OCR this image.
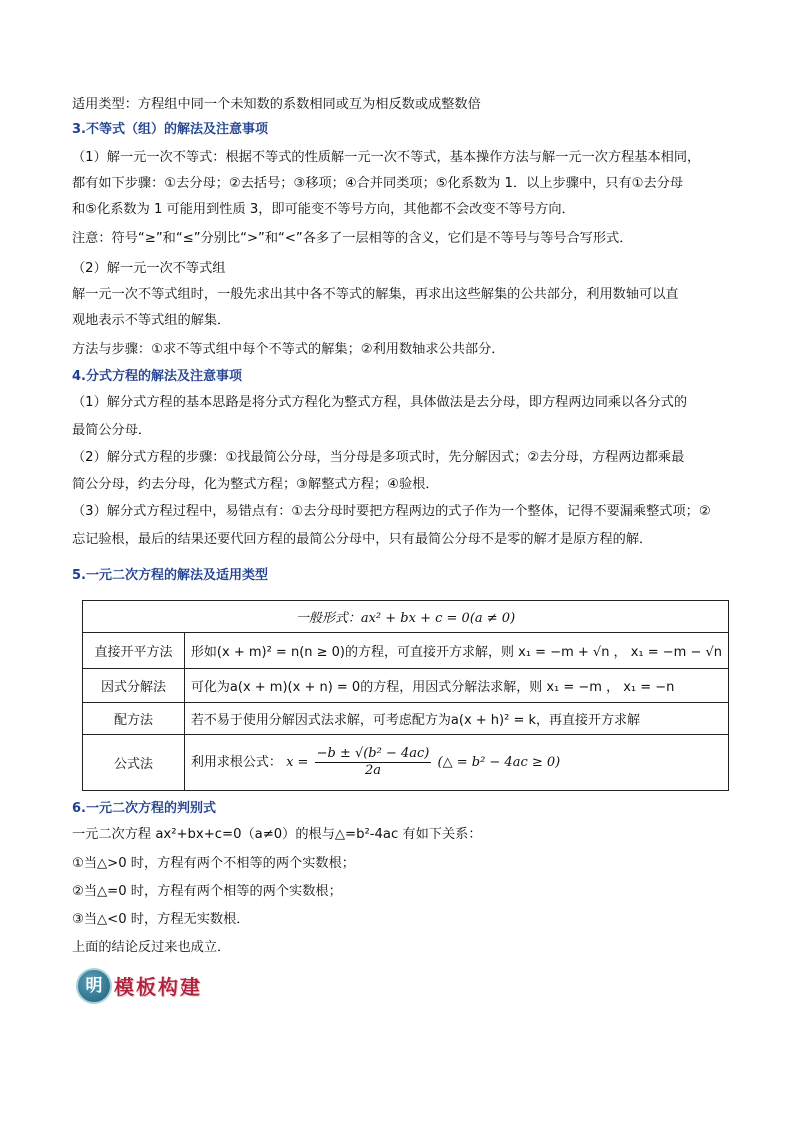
适用类型：方程组中同一个未知数的系数相同或互为相反数或成整数倍
3.不等式（组）的解法及注意事项
（1）解一元一次不等式：根据不等式的性质解一元一次不等式，基本操作方法与解一元一次方程基本相同，
都有如下步骤：①去分母；②去括号；③移项；④合并同类项；⑤化系数为 1．以上步骤中，只有①去分母
和⑤化系数为 1 可能用到性质 3，即可能变不等号方向，其他都不会改变不等号方向．
注意：符号“≥”和“≤”分别比“>”和“<”各多了一层相等的含义，它们是不等号与等号合写形式．
（2）解一元一次不等式组
解一元一次不等式组时，一般先求出其中各不等式的解集，再求出这些解集的公共部分，利用数轴可以直
观地表示不等式组的解集．
方法与步骤：①求不等式组中每个不等式的解集；②利用数轴求公共部分．
4.分式方程的解法及注意事项
（1）解分式方程的基本思路是将分式方程化为整式方程，具体做法是去分母，即方程两边同乘以各分式的
最简公分母．
（2）解分式方程的步骤：①找最简公分母，当分母是多项式时，先分解因式；②去分母，方程两边都乘最
简公分母，约去分母，化为整式方程；③解整式方程；④验根．
（3）解分式方程过程中，易错点有：①去分母时要把方程两边的式子作为一个整体，记得不要漏乘整式项；②
忘记验根，最后的结果还要代回方程的最简公分母中，只有最简公分母不是零的解才是原方程的解．
5.一元二次方程的解法及适用类型
一般形式：ax² + bx + c = 0(a ≠ 0)	
直接开平方法	形如(x + m)² = n(n ≥ 0)的方程，可直接开方求解，则 x₁ = −m + √n ， x₁ = −m − √n
因式分解法	可化为a(x + m)(x + n) = 0的方程，用因式分解法求解，则 x₁ = −m ， x₁ = −n
配方法	若不易于使用分解因式法求解，可考虑配方为a(x + h)² = k，再直接开方求解
公式法	利用求根公式： $x = \frac{\text{−b ± √(b² − 4ac)}}{2a}$ (△ = b² − 4ac ≥ 0)
6.一元二次方程的判别式
一元二次方程 ax²+bx+c=0（a≠0）的根与△=b²-4ac 有如下关系：
①当△>0 时，方程有两个不相等的两个实数根；
②当△=0 时，方程有两个相等的两个实数根；
③当△<0 时，方程无实数根．
上面的结论反过来也成立．
明 模板构建
